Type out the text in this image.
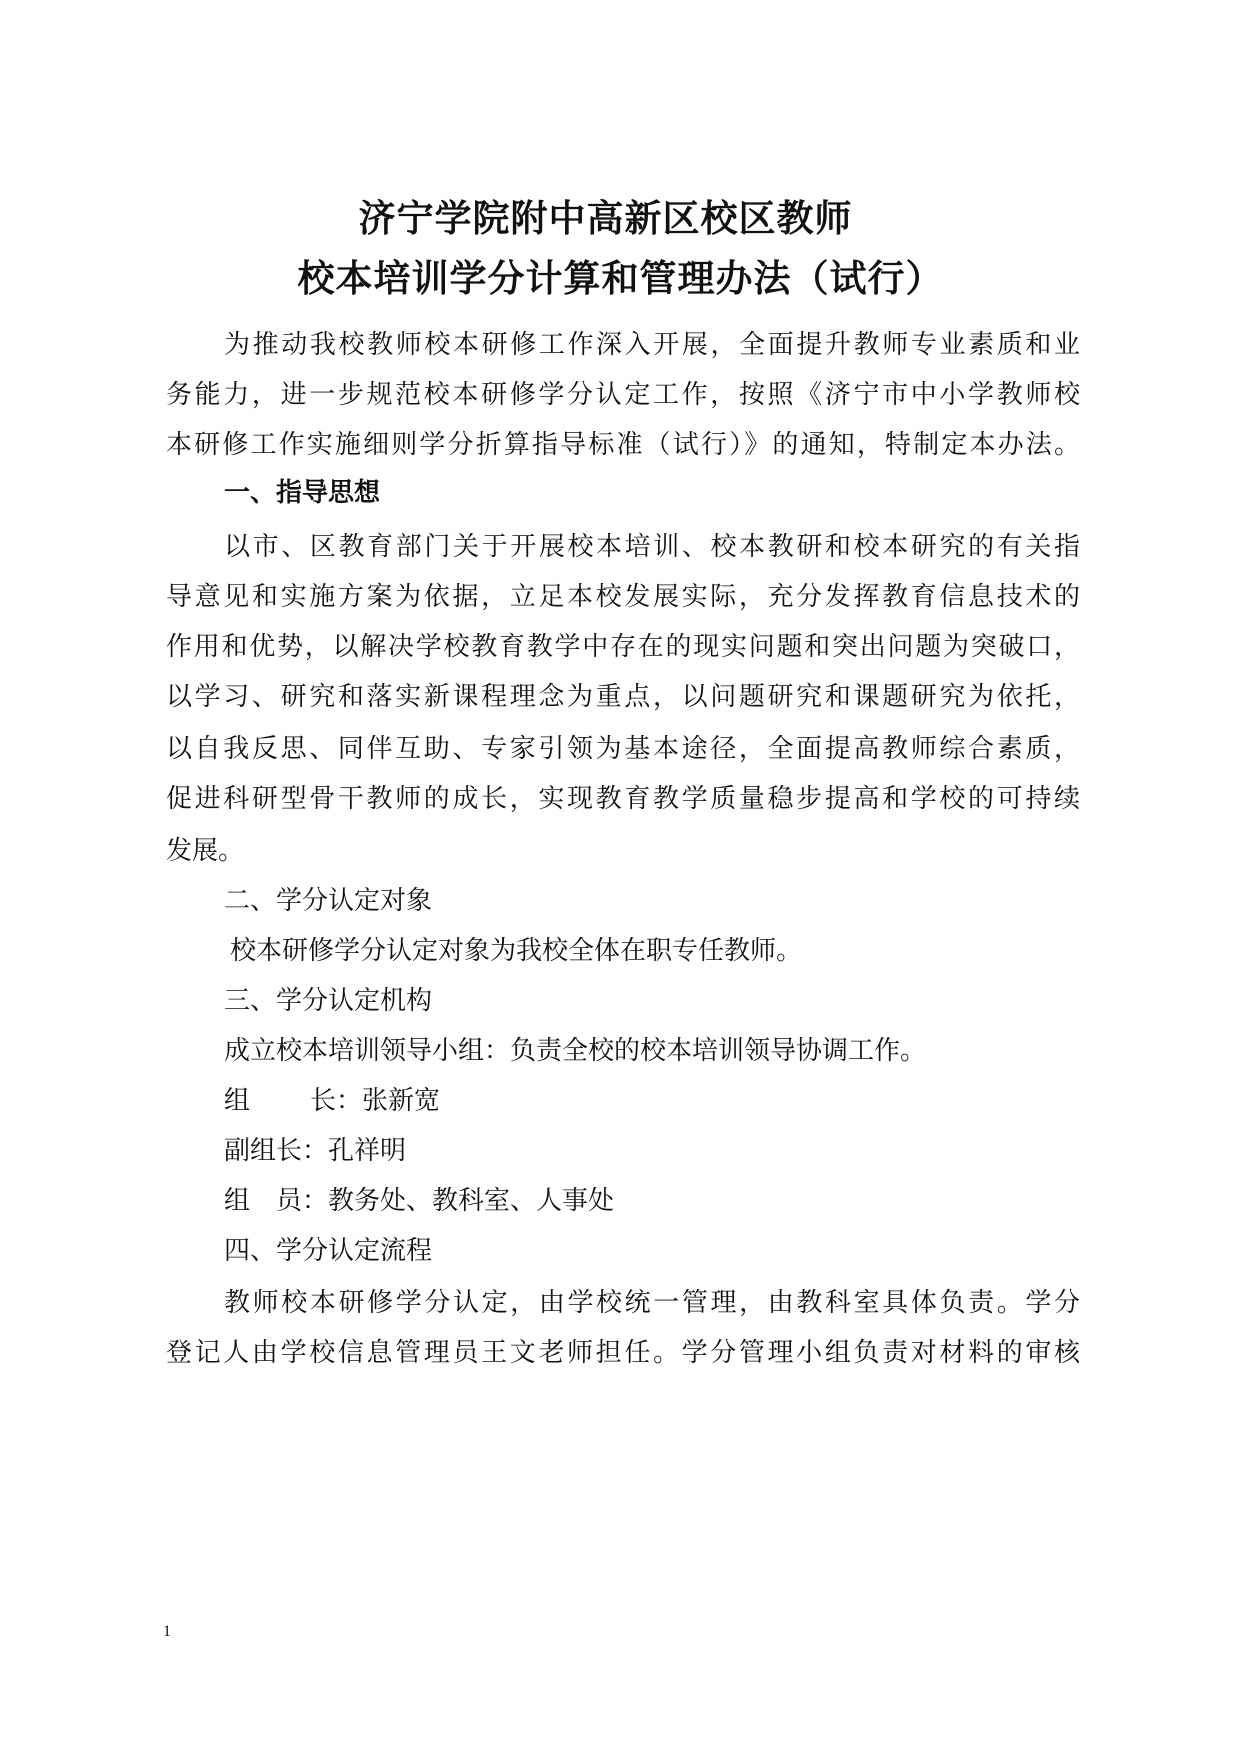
济宁学院附中高新区校区教师
校本培训学分计算和管理办法（试行）
为推动我校教师校本研修工作深入开展，全面提升教师专业素质和业
务能力，进一步规范校本研修学分认定工作，按照《济宁市中小学教师校
本研修工作实施细则学分折算指导标准（试行）》的通知，特制定本办法。
一、指导思想
以市、区教育部门关于开展校本培训、校本教研和校本研究的有关指
导意见和实施方案为依据，立足本校发展实际，充分发挥教育信息技术的
作用和优势，以解决学校教育教学中存在的现实问题和突出问题为突破口，
以学习、研究和落实新课程理念为重点，以问题研究和课题研究为依托，
以自我反思、同伴互助、专家引领为基本途径，全面提高教师综合素质，
促进科研型骨干教师的成长，实现教育教学质量稳步提高和学校的可持续
发展。
二、学分认定对象
校本研修学分认定对象为我校全体在职专任教师。
三、学分认定机构
成立校本培训领导小组：负责全校的校本培训领导协调工作。
组 长：张新宽
副组长：孔祥明
组 员：教务处、教科室、人事处
四、学分认定流程
教师校本研修学分认定，由学校统一管理，由教科室具体负责。学分
登记人由学校信息管理员王文老师担任。学分管理小组负责对材料的审核
1
